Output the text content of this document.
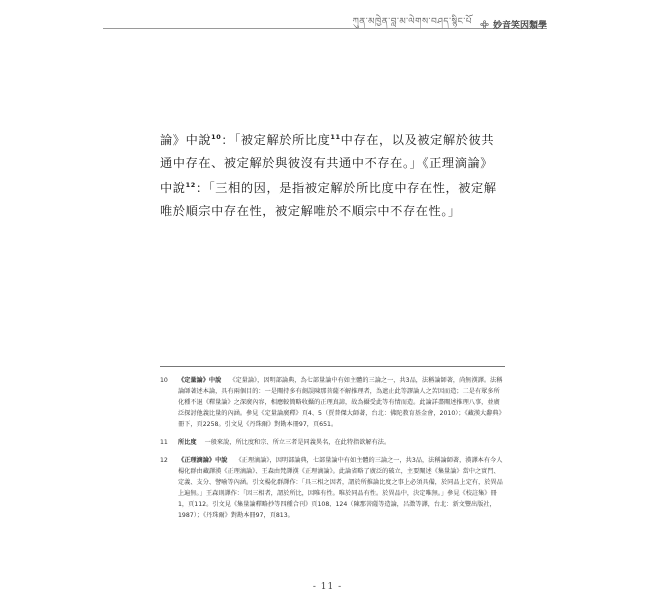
ཀུན་མཁྱེན་བླ་མ་ལེགས་བཤད་སྙིང་པོ 妙音笑因類學

論》中說$^{10}$：「被定解於所比度$^{11}$中存在，以及被定解於彼共通中存在、被定解於與彼沒有共通中不存在。」《正理滴論》中說$^{12}$：「三相的因，是指被定解於所比度中存在性，被定解唯於順宗中存在性，被定解唯於不順宗中不存在性。」

10	《定量論》中說 《定量論》，因明部論典，為七部量論中有如主體的三論之一，共3品，法稱論師著，尚無漢譯。法稱論師著述本論，具有兩個目的：一是闡持多有劍誤陳那菩薩不解推理者，為遮止此等謬論人之苦因而造；二是有眾多所化種不退《釋量論》之深廣內容，相應較簡略收攝的正理真諦，故為攝受此等有情而造。此論詳盡闡述推理八事，並廣泛探討他義比量的內涵。參見《定量論廣釋》頁4、5（賈普傑大師著，台北：佛陀教育基金會，2010）；《藏漢大辭典》冊下，頁2258。引文見《丹珠爾》對勘本冊97，頁651。
11	所比度 一般來說，所比度和宗、所立三者是同義異名，在此特指欲解有法。
12	《正理滴論》中說 《正理滴論》，因明部論典，七部量論中有如主體的三論之一，共3品，法稱論師著，漢譯本有今人楊化群由藏譯漢《正理滴論》、王森由梵譯漢《正理滴論》。此論省略了廣泛的破立，主要闡述《集量論》當中之實門、定義、支分、譬喻等內涵。引文楊化群譯作：「具三相之因者，謂於所推論比度之事上必須具備，於同品上定有，於異品上遍無。」王森則譯作：「因三相者，謂於所比，因唯有性。唯於同品有性。於異品中，決定唯無。」參見《校註集》冊1，頁112。引文見《集量論釋略抄等四種合刊》頁108、124（陳那菩薩等造論，呂澂等譯，台北：新文豐出版社，1987）；《丹珠爾》對勘本冊97，頁813。
- 11 -
